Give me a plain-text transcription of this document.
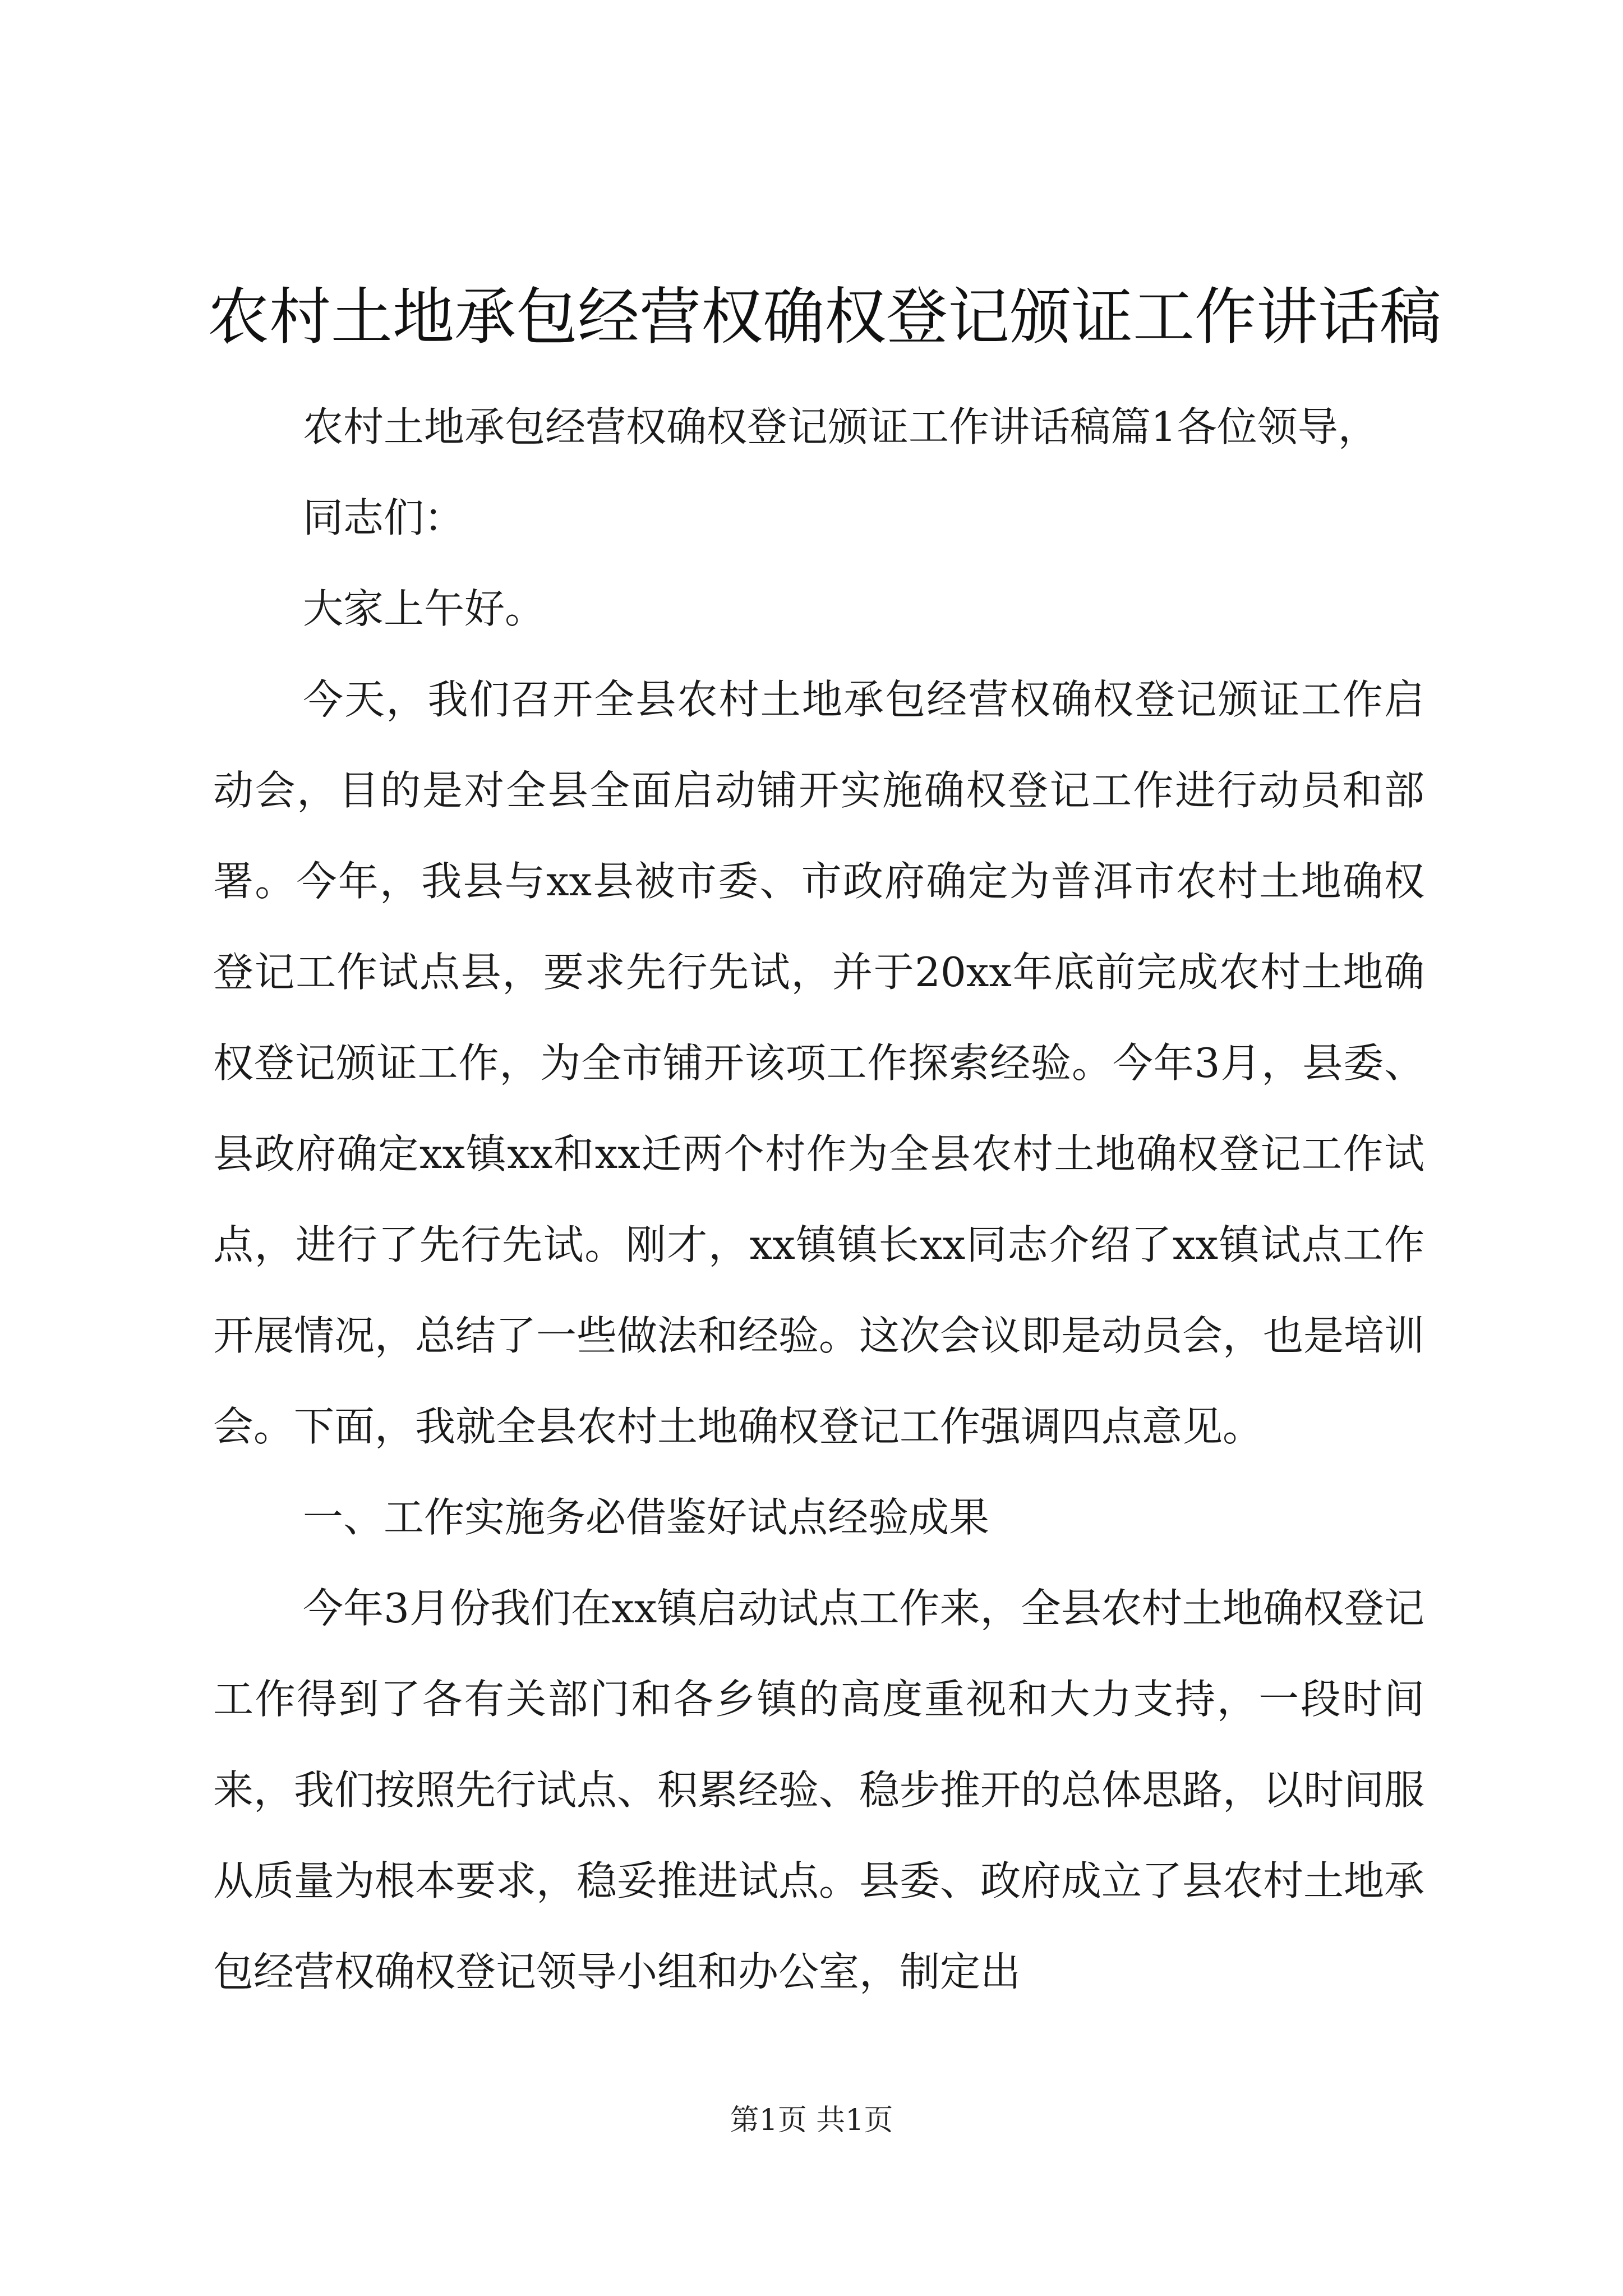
农村土地承包经营权确权登记颁证工作讲话稿

农村土地承包经营权确权登记颁证工作讲话稿篇1各位领导，

同志们：

大家上午好。

今天，我们召开全县农村土地承包经营权确权登记颁证工作启动会，目的是对全县全面启动铺开实施确权登记工作进行动员和部署。今年，我县与xx县被市委、市政府确定为普洱市农村土地确权登记工作试点县，要求先行先试，并于20xx年底前完成农村土地确权登记颁证工作，为全市铺开该项工作探索经验。今年3月，县委、县政府确定xx镇xx和xx迁两个村作为全县农村土地确权登记工作试点，进行了先行先试。刚才，xx镇镇长xx同志介绍了xx镇试点工作开展情况，总结了一些做法和经验。这次会议即是动员会，也是培训会。下面，我就全县农村土地确权登记工作强调四点意见。

一、工作实施务必借鉴好试点经验成果

今年3月份我们在xx镇启动试点工作来，全县农村土地确权登记工作得到了各有关部门和各乡镇的高度重视和大力支持，一段时间来，我们按照先行试点、积累经验、稳步推开的总体思路，以时间服从质量为根本要求，稳妥推进试点。县委、政府成立了县农村土地承包经营权确权登记领导小组和办公室，制定出

第1页 共1页
